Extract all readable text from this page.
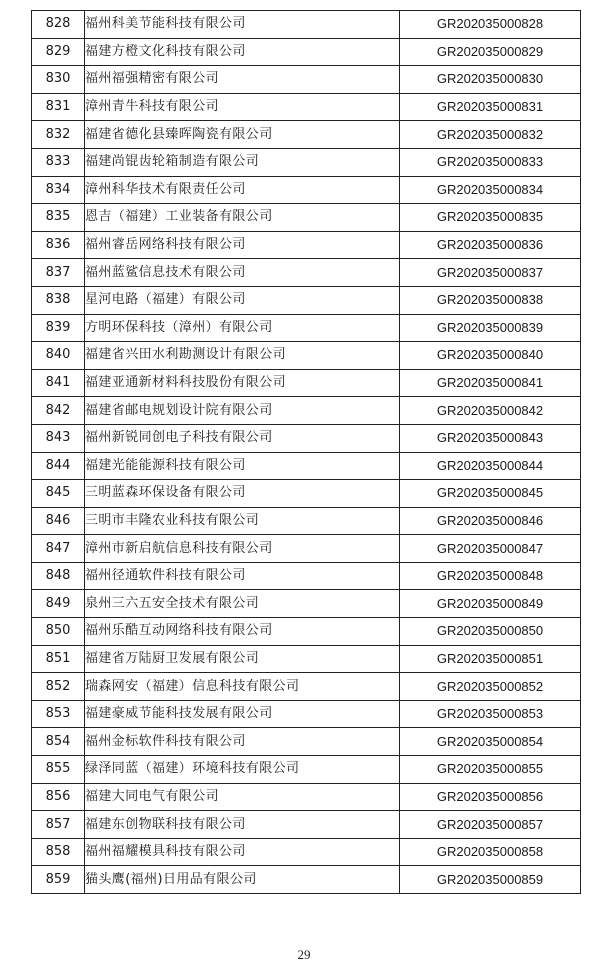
828	福州科美节能科技有限公司	GR202035000828
829	福建方橙文化科技有限公司	GR202035000829
830	福州福强精密有限公司	GR202035000830
831	漳州青牛科技有限公司	GR202035000831
832	福建省德化县臻晖陶瓷有限公司	GR202035000832
833	福建尚锟齿轮箱制造有限公司	GR202035000833
834	漳州科华技术有限责任公司	GR202035000834
835	恩吉（福建）工业装备有限公司	GR202035000835
836	福州睿岳网络科技有限公司	GR202035000836
837	福州蓝鲨信息技术有限公司	GR202035000837
838	星河电路（福建）有限公司	GR202035000838
839	方明环保科技（漳州）有限公司	GR202035000839
840	福建省兴田水利勘测设计有限公司	GR202035000840
841	福建亚通新材料科技股份有限公司	GR202035000841
842	福建省邮电规划设计院有限公司	GR202035000842
843	福州新锐同创电子科技有限公司	GR202035000843
844	福建光能能源科技有限公司	GR202035000844
845	三明蓝森环保设备有限公司	GR202035000845
846	三明市丰隆农业科技有限公司	GR202035000846
847	漳州市新启航信息科技有限公司	GR202035000847
848	福州径通软件科技有限公司	GR202035000848
849	泉州三六五安全技术有限公司	GR202035000849
850	福州乐酷互动网络科技有限公司	GR202035000850
851	福建省万陆厨卫发展有限公司	GR202035000851
852	瑞森网安（福建）信息科技有限公司	GR202035000852
853	福建豪威节能科技发展有限公司	GR202035000853
854	福州金标软件科技有限公司	GR202035000854
855	绿泽同蓝（福建）环境科技有限公司	GR202035000855
856	福建大同电气有限公司	GR202035000856
857	福建东创物联科技有限公司	GR202035000857
858	福州福耀模具科技有限公司	GR202035000858
859	猫头鹰(福州)日用品有限公司	GR202035000859
29
